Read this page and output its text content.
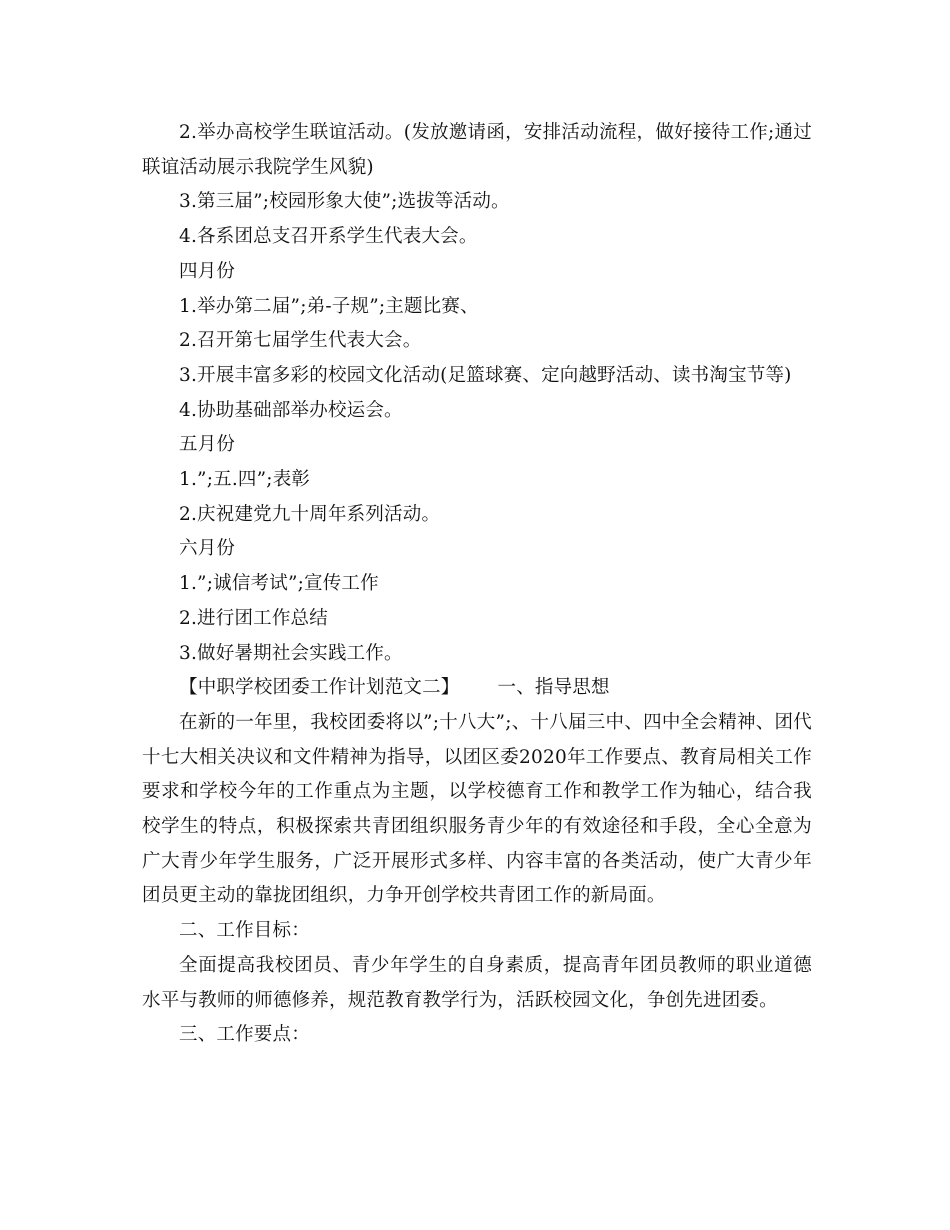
2.举办高校学生联谊活动。(发放邀请函，安排活动流程，做好接待工作;通过联谊活动展示我院学生风貌)

3.第三届”;校园形象大使”;选拔等活动。

4.各系团总支召开系学生代表大会。

四月份

1.举办第二届”;弟-子规”;主题比赛、

2.召开第七届学生代表大会。

3.开展丰富多彩的校园文化活动(足篮球赛、定向越野活动、读书淘宝节等)

4.协助基础部举办校运会。

五月份

1.”;五.四”;表彰

2.庆祝建党九十周年系列活动。

六月份

1.”;诚信考试”;宣传工作

2.进行团工作总结

3.做好暑期社会实践工作。

【中职学校团委工作计划范文二】 一、指导思想

在新的一年里，我校团委将以”;十八大”;、十八届三中、四中全会精神、团代十七大相关决议和文件精神为指导，以团区委2020年工作要点、教育局相关工作要求和学校今年的工作重点为主题，以学校德育工作和教学工作为轴心，结合我校学生的特点，积极探索共青团组织服务青少年的有效途径和手段，全心全意为广大青少年学生服务，广泛开展形式多样、内容丰富的各类活动，使广大青少年团员更主动的靠拢团组织，力争开创学校共青团工作的新局面。

二、工作目标：

全面提高我校团员、青少年学生的自身素质，提高青年团员教师的职业道德水平与教师的师德修养，规范教育教学行为，活跃校园文化，争创先进团委。

三、工作要点：
